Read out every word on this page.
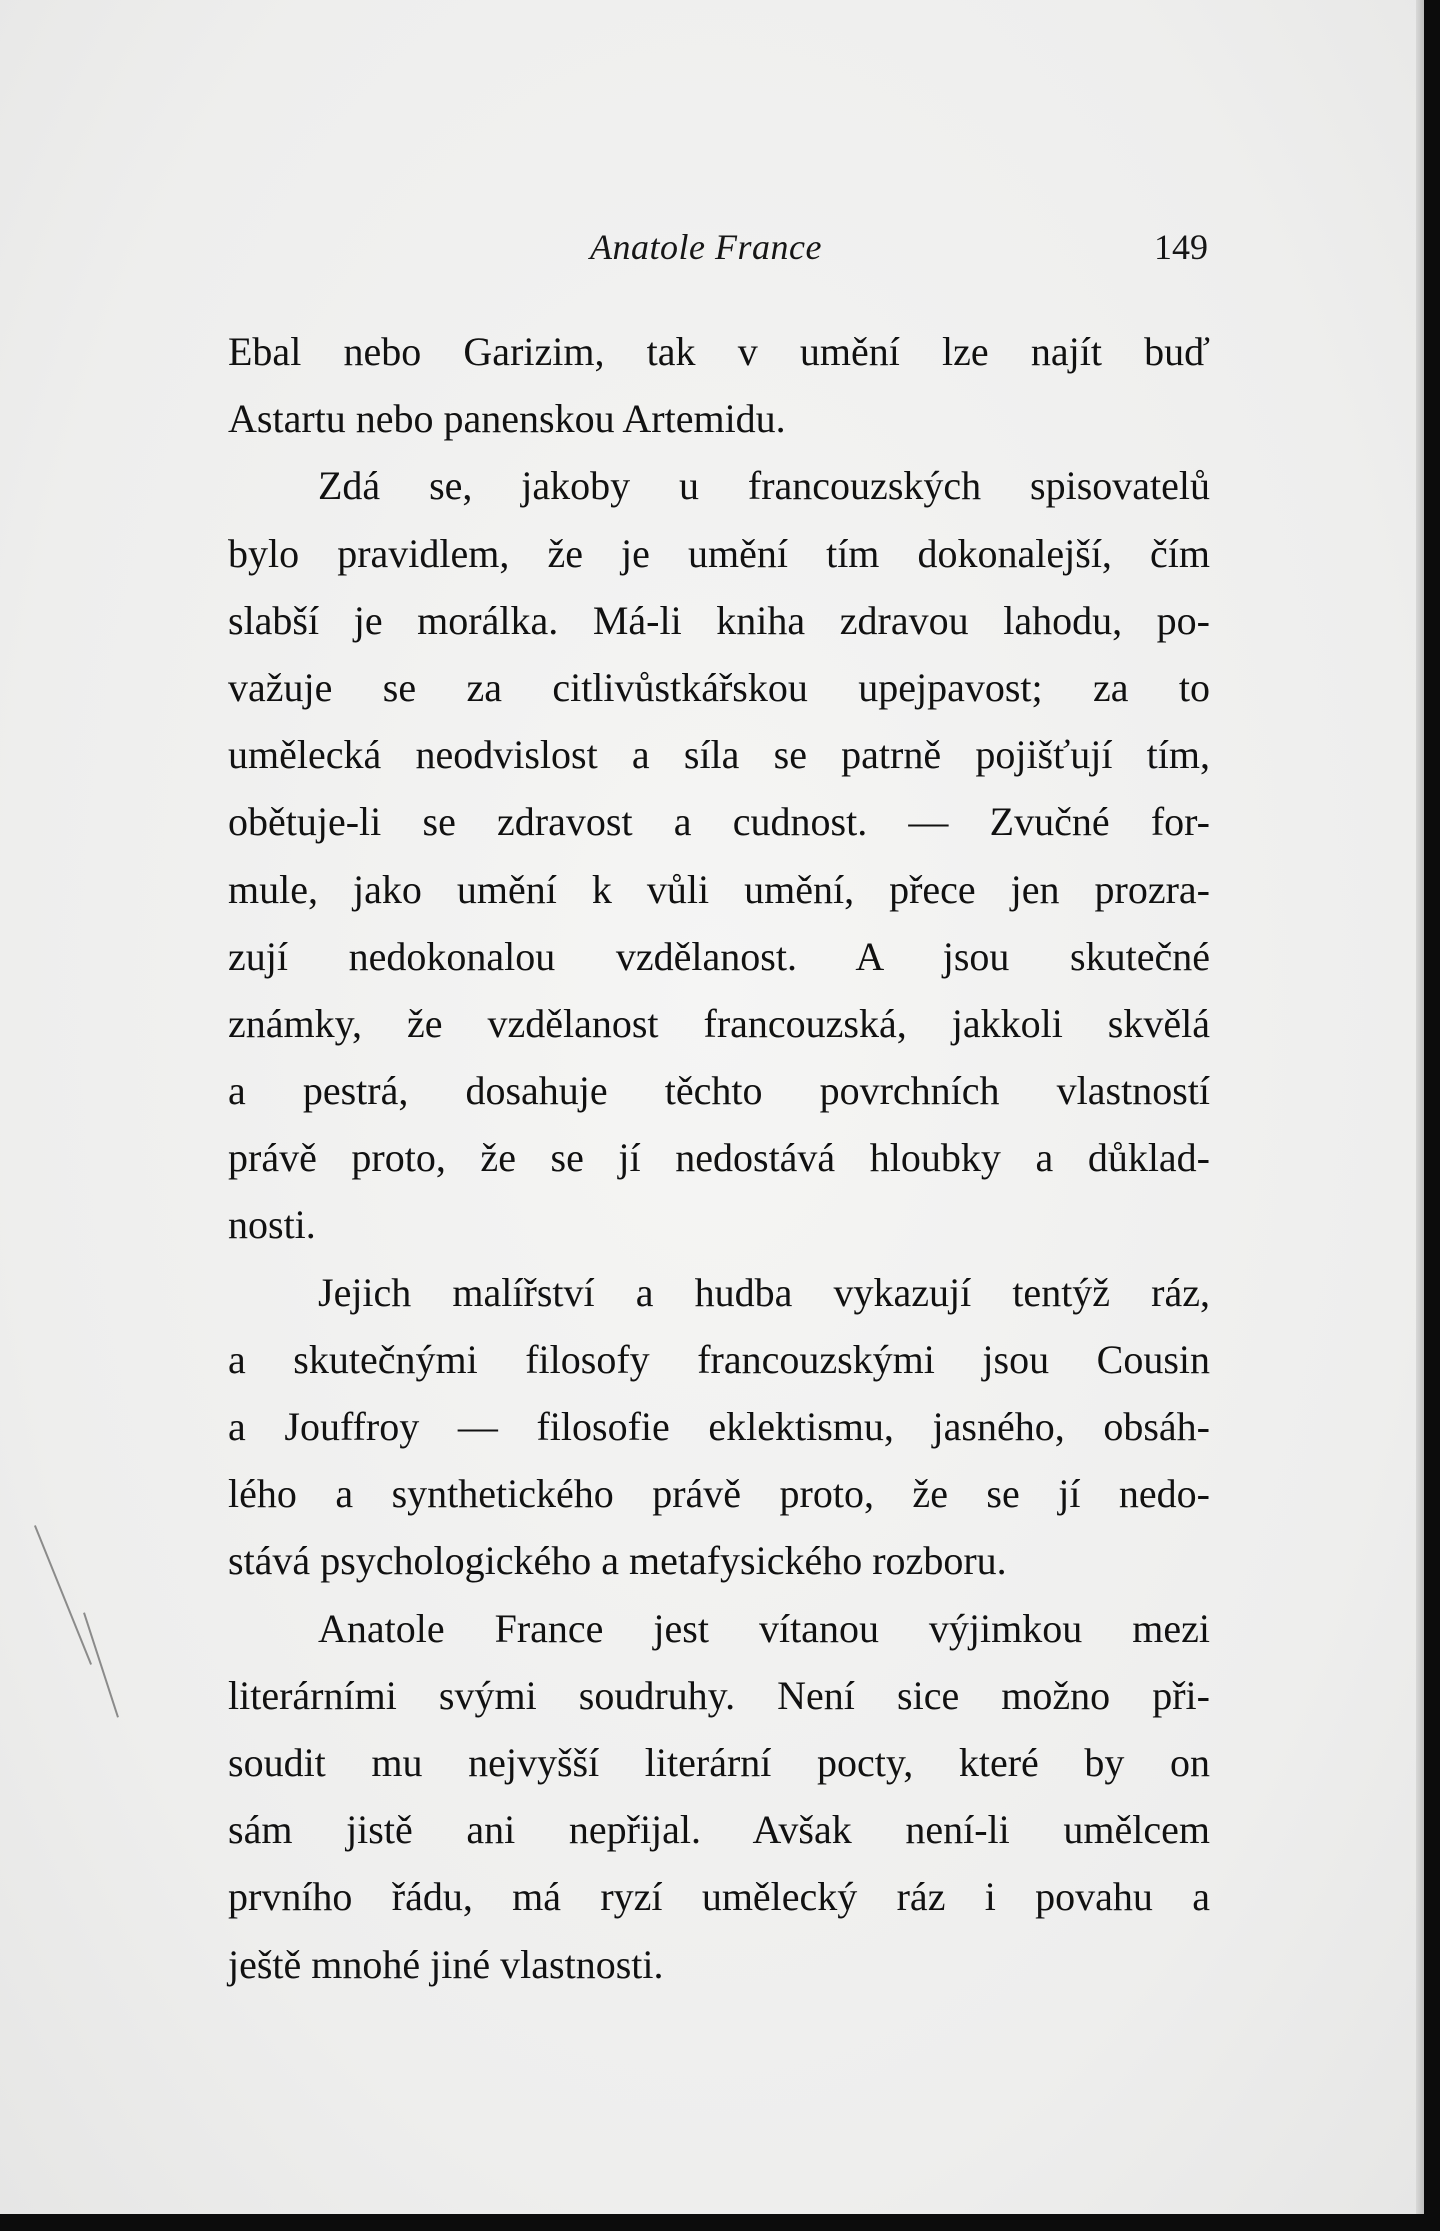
Anatole France	149
Ebal nebo Garizim, tak v umění lze najít buď
Astartu nebo panenskou Artemidu.
Zdá se, jakoby u francouzských spisovatelů
bylo pravidlem, že je umění tím dokonalejší, čím
slabší je morálka. Má-li kniha zdravou lahodu, po-
važuje se za citlivůstkářskou upejpavost; za to
umělecká neodvislost a síla se patrně pojišťují tím,
obětuje-li se zdravost a cudnost. — Zvučné for-
mule, jako umění k vůli umění, přece jen prozra-
zují nedokonalou vzdělanost. A jsou skutečné
známky, že vzdělanost francouzská, jakkoli skvělá
a pestrá, dosahuje těchto povrchních vlastností
právě proto, že se jí nedostává hloubky a důklad-
nosti.
Jejich malířství a hudba vykazují tentýž ráz,
a skutečnými filosofy francouzskými jsou Cousin
a Jouffroy — filosofie eklektismu, jasného, obsáh-
lého a synthetického právě proto, že se jí nedo-
stává psychologického a metafysického rozboru.
Anatole France jest vítanou výjimkou mezi
literárními svými soudruhy. Není sice možno při-
soudit mu nejvyšší literární pocty, které by on
sám jistě ani nepřijal. Avšak není-li umělcem
prvního řádu, má ryzí umělecký ráz i povahu a
ještě mnohé jiné vlastnosti.
